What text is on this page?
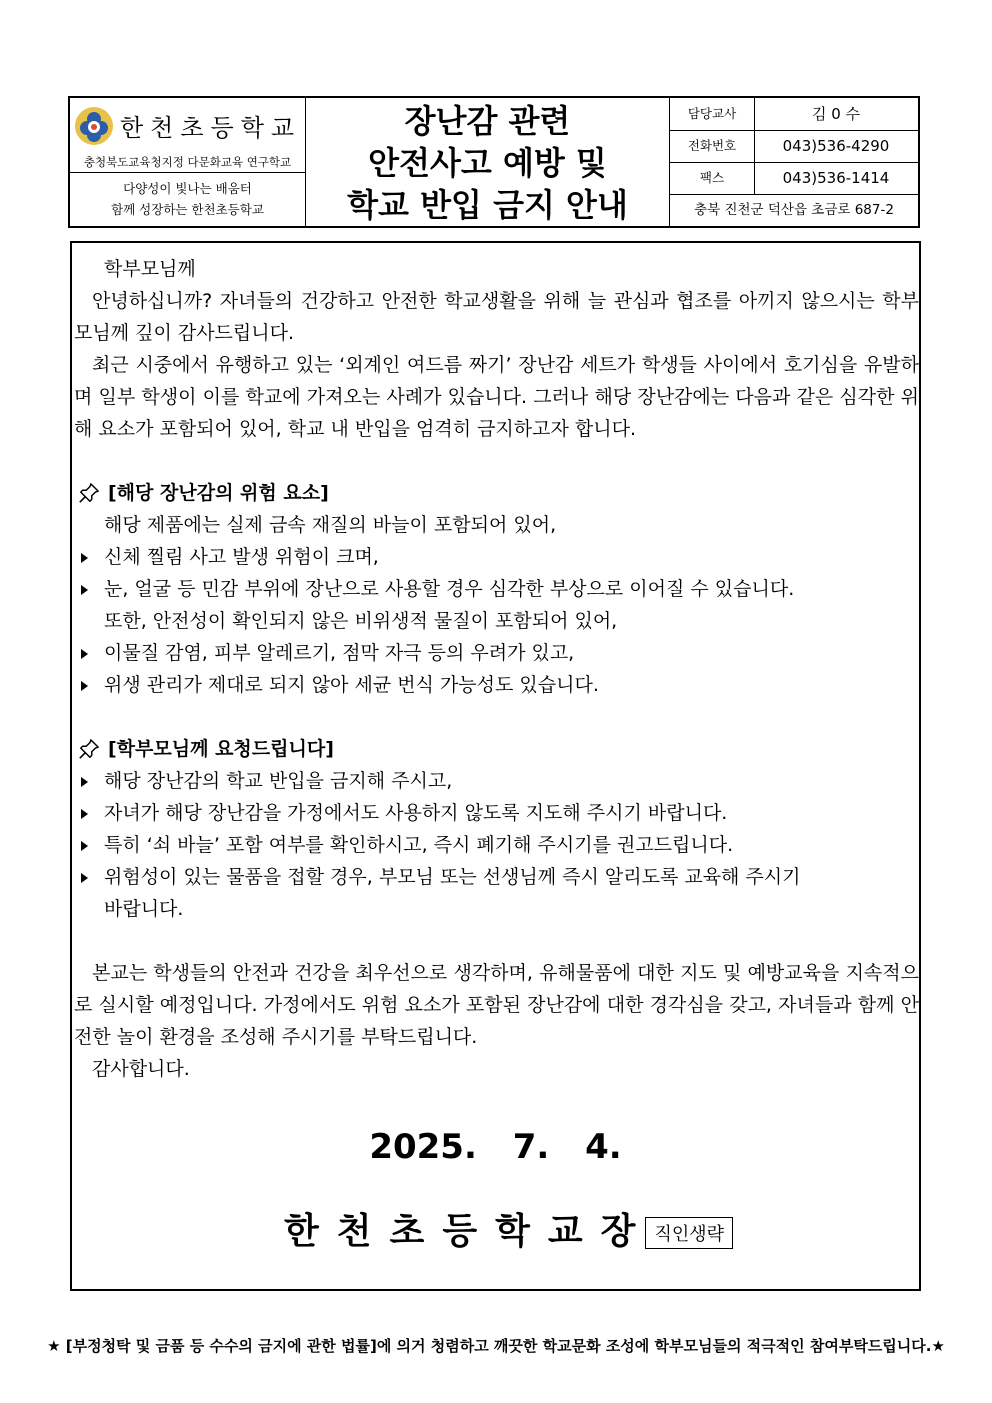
한천초등학교
충청북도교육청지정 다문화교육 연구학교
다양성이 빛나는 배움터
함께 성장하는 한천초등학교
장난감 관련
안전사고 예방 및
학교 반입 금지 안내
담당교사	김 0 수
전화번호	043)536-4290
팩스	043)536-1414
충북 진천군 덕산읍 초금로 687-2

학부모님께

안녕하십니까? 자녀들의 건강하고 안전한 학교생활을 위해 늘 관심과 협조를 아끼지 않으시는 학부모님께 깊이 감사드립니다.

최근 시중에서 유행하고 있는 ‘외계인 여드름 짜기’ 장난감 세트가 학생들 사이에서 호기심을 유발하며 일부 학생이 이를 학교에 가져오는 사례가 있습니다. 그러나 해당 장난감에는 다음과 같은 심각한 위해 요소가 포함되어 있어, 학교 내 반입을 엄격히 금지하고자 합니다.

[해당 장난감의 위험 요소]
해당 제품에는 실제 금속 재질의 바늘이 포함되어 있어,
신체 찔림 사고 발생 위험이 크며,
눈, 얼굴 등 민감 부위에 장난으로 사용할 경우 심각한 부상으로 이어질 수 있습니다.
또한, 안전성이 확인되지 않은 비위생적 물질이 포함되어 있어,
이물질 감염, 피부 알레르기, 점막 자극 등의 우려가 있고,
위생 관리가 제대로 되지 않아 세균 번식 가능성도 있습니다.
[학부모님께 요청드립니다]
해당 장난감의 학교 반입을 금지해 주시고,
자녀가 해당 장난감을 가정에서도 사용하지 않도록 지도해 주시기 바랍니다.
특히 ‘쇠 바늘’ 포함 여부를 확인하시고, 즉시 폐기해 주시기를 권고드립니다.
위험성이 있는 물품을 접할 경우, 부모님 또는 선생님께 즉시 알리도록 교육해 주시기
바랍니다.

본교는 학생들의 안전과 건강을 최우선으로 생각하며, 유해물품에 대한 지도 및 예방교육을 지속적으로 실시할 예정입니다. 가정에서도 위험 요소가 포함된 장난감에 대한 경각심을 갖고, 자녀들과 함께 안전한 놀이 환경을 조성해 주시기를 부탁드립니다.

감사합니다.

2025. 7. 4.
한천초등학교장직인생략
★ [부정청탁 및 금품 등 수수의 금지에 관한 법률]에 의거 청렴하고 깨끗한 학교문화 조성에 학부모님들의 적극적인 참여부탁드립니다.★
